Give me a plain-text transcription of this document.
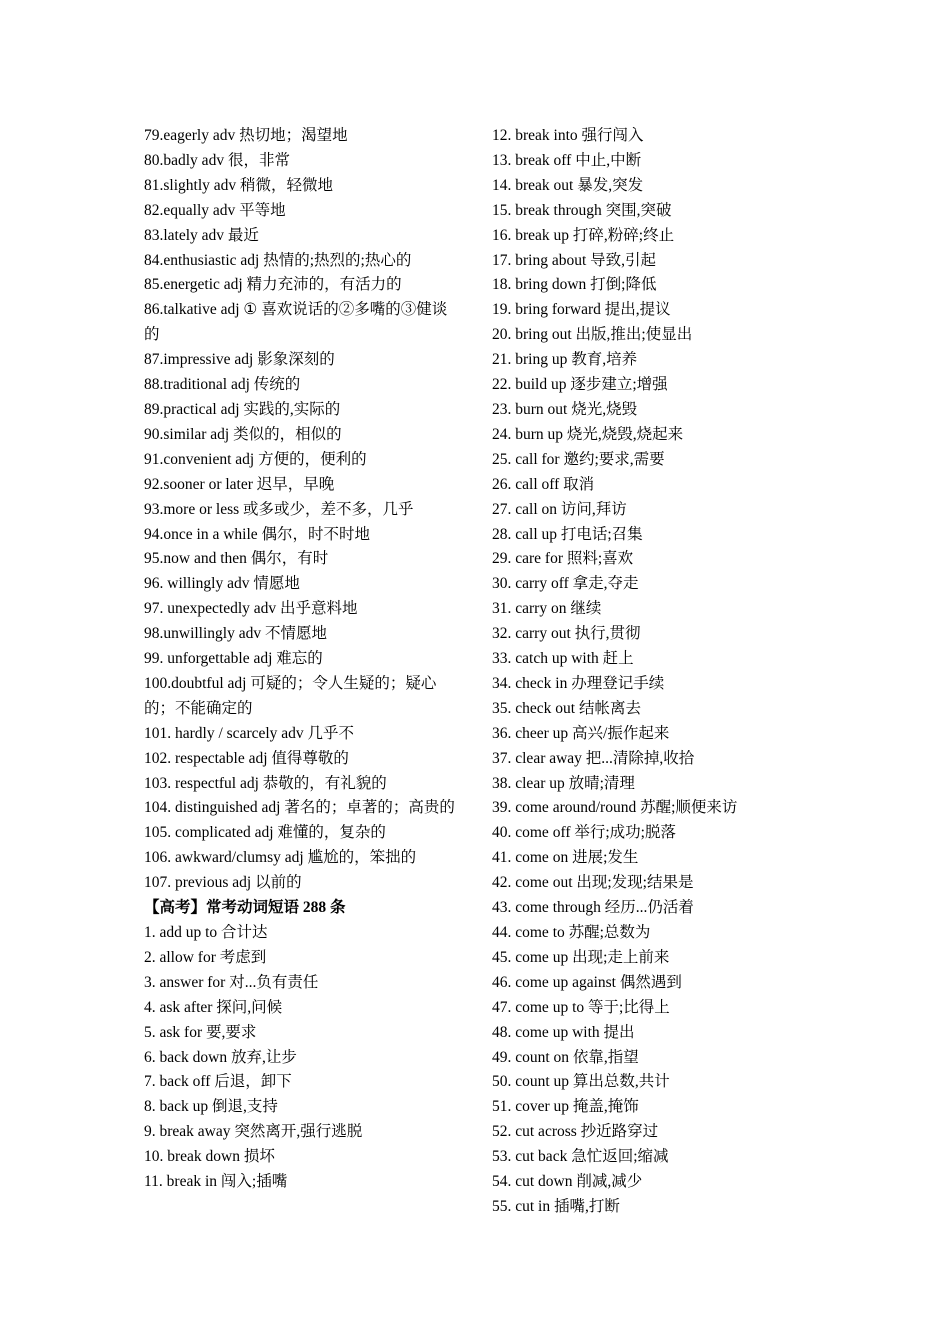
79.eagerly adv 热切地；渴望地
80.badly adv 很，非常
81.slightly adv 稍微，轻微地
82.equally adv 平等地
83.lately adv 最近
84.enthusiastic adj 热情的;热烈的;热心的
85.energetic adj 精力充沛的，有活力的
86.talkative adj ① 喜欢说话的②多嘴的③健谈的
87.impressive adj 影象深刻的
88.traditional adj 传统的
89.practical adj 实践的,实际的
90.similar adj 类似的，相似的
91.convenient adj 方便的，便利的
92.sooner or later 迟早，早晚
93.more or less 或多或少，差不多，几乎
94.once in a while 偶尔，时不时地
95.now and then 偶尔，有时
96. willingly adv 情愿地
97. unexpectedly adv 出乎意料地
98.unwillingly adv 不情愿地
99. unforgettable adj 难忘的
100.doubtful adj 可疑的；令人生疑的；疑心的；不能确定的
101. hardly / scarcely adv 几乎不
102. respectable adj 值得尊敬的
103. respectful adj 恭敬的，有礼貌的
104. distinguished adj 著名的；卓著的；高贵的
105. complicated adj 难懂的，复杂的
106. awkward/clumsy adj 尴尬的，笨拙的
107. previous adj 以前的
【高考】常考动词短语 288 条
1. add up to 合计达
2. allow for 考虑到
3. answer for 对...负有责任
4. ask after 探问,问候
5. ask for 要,要求
6. back down 放弃,让步
7. back off 后退，卸下
8. back up 倒退,支持
9. break away 突然离开,强行逃脱
10. break down 损坏
11. break in 闯入;插嘴
12. break into 强行闯入
13. break off 中止,中断
14. break out 暴发,突发
15. break through 突围,突破
16. break up 打碎,粉碎;终止
17. bring about 导致,引起
18. bring down 打倒;降低
19. bring forward 提出,提议
20. bring out 出版,推出;使显出
21. bring up 教育,培养
22. build up 逐步建立;增强
23. burn out 烧光,烧毁
24. burn up 烧光,烧毁,烧起来
25. call for 邀约;要求,需要
26. call off 取消
27. call on 访问,拜访
28. call up 打电话;召集
29. care for 照料;喜欢
30. carry off 拿走,夺走
31. carry on 继续
32. carry out 执行,贯彻
33. catch up with 赶上
34. check in 办理登记手续
35. check out 结帐离去
36. cheer up 高兴/振作起来
37. clear away 把...清除掉,收拾
38. clear up 放晴;清理
39. come around/round 苏醒;顺便来访
40. come off 举行;成功;脱落
41. come on 进展;发生
42. come out 出现;发现;结果是
43. come through 经历...仍活着
44. come to 苏醒;总数为
45. come up 出现;走上前来
46. come up against 偶然遇到
47. come up to 等于;比得上
48. come up with 提出
49. count on 依靠,指望
50. count up 算出总数,共计
51. cover up 掩盖,掩饰
52. cut across 抄近路穿过
53. cut back 急忙返回;缩减
54. cut down 削减,减少
55. cut in 插嘴,打断
